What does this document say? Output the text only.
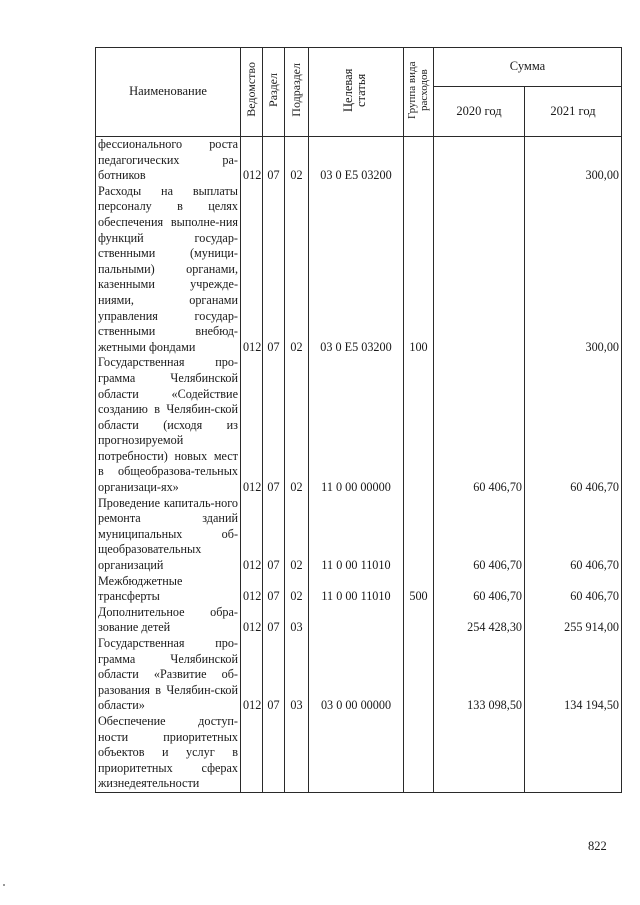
Наименование	Ведомство	Раздел	Подраздел	Целевая статья	Группа вида расходов	Сумма	
						2020 год	2021 год
фессионального роста педагогических ра-ботников	012	07	02	03 0 E5 03200			300,00
Расходы на выплаты персоналу в целях обеспечения выполне-ния функций государ-ственными (муници-пальными) органами, казенными учрежде-ниями, органами управления государ-ственными внебюд-жетными фондами	012	07	02	03 0 E5 03200	100		300,00
Государственная про-грамма Челябинской области «Содействие созданию в Челябин-ской области (исходя из прогнозируемой потребности) новых мест в общеобразова-тельных организаци-ях»	012	07	02	11 0 00 00000		60 406,70	60 406,70
Проведение капиталь-ного ремонта зданий муниципальных об-щеобразовательных организаций	012	07	02	11 0 00 11010		60 406,70	60 406,70
Межбюджетные трансферты	012	07	02	11 0 00 11010	500	60 406,70	60 406,70
Дополнительное обра-зование детей	012	07	03			254 428,30	255 914,00
Государственная про-грамма Челябинской области «Развитие об-разования в Челябин-ской области»	012	07	03	03 0 00 00000		133 098,50	134 194,50
Обеспечение доступ-ности приоритетных объектов и услуг в приоритетных сферах жизнедеятельности							
822
